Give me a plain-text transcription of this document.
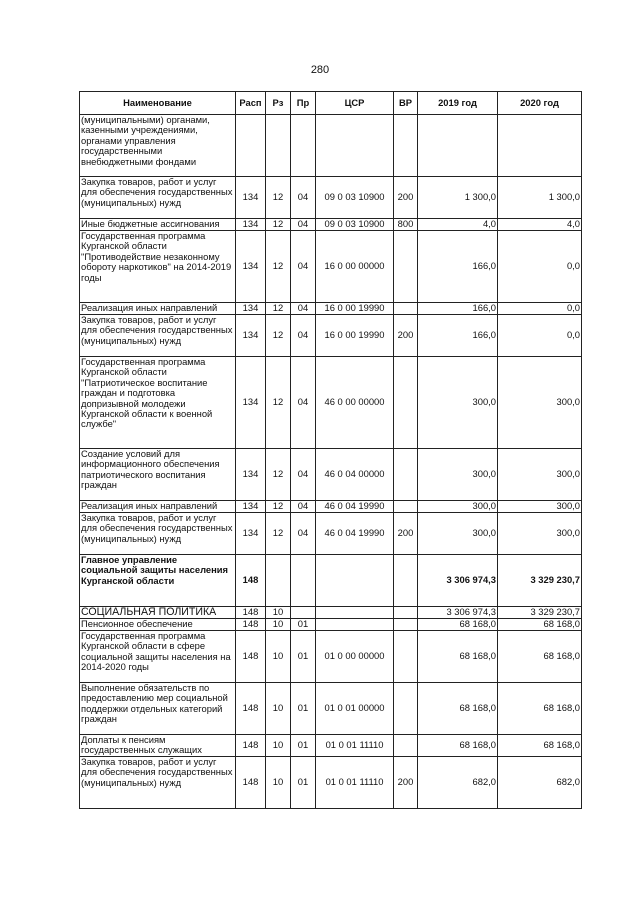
280
Наименование	Расп	Рз	Пр	ЦСР	ВР	2019 год	2020 год
(муниципальными) органами, казенными учреждениями, органами управления государственными внебюджетными фондами							
Закупка товаров, работ и услуг для обеспечения государственных (муниципальных) нужд	134	12	04	09 0 03 10900	200	1 300,0	1 300,0
Иные бюджетные ассигнования	134	12	04	09 0 03 10900	800	4,0	4,0
Государственная программа Курганской области "Противодействие незаконному обороту наркотиков" на 2014-2019 годы	134	12	04	16 0 00 00000		166,0	0,0
Реализация иных направлений	134	12	04	16 0 00 19990		166,0	0,0
Закупка товаров, работ и услуг для обеспечения государственных (муниципальных) нужд	134	12	04	16 0 00 19990	200	166,0	0,0
Государственная программа Курганской области "Патриотическое воспитание граждан и подготовка допризывной молодежи Курганской области к военной службе"	134	12	04	46 0 00 00000		300,0	300,0
Создание условий для информационного обеспечения патриотического воспитания граждан	134	12	04	46 0 04 00000		300,0	300,0
Реализация иных направлений	134	12	04	46 0 04 19990		300,0	300,0
Закупка товаров, работ и услуг для обеспечения государственных (муниципальных) нужд	134	12	04	46 0 04 19990	200	300,0	300,0
Главное управление социальной защиты населения Курганской области	148					3 306 974,3	3 329 230,7
СОЦИАЛЬНАЯ ПОЛИТИКА	148	10				3 306 974,3	3 329 230,7
Пенсионное обеспечение	148	10	01			68 168,0	68 168,0
Государственная программа Курганской области в сфере социальной защиты населения на 2014-2020 годы	148	10	01	01 0 00 00000		68 168,0	68 168,0
Выполнение обязательств по предоставлению мер социальной поддержки отдельных категорий граждан	148	10	01	01 0 01 00000		68 168,0	68 168,0
Доплаты к пенсиям государственных служащих	148	10	01	01 0 01 11110		68 168,0	68 168,0
Закупка товаров, работ и услуг для обеспечения государственных (муниципальных) нужд	148	10	01	01 0 01 11110	200	682,0	682,0
